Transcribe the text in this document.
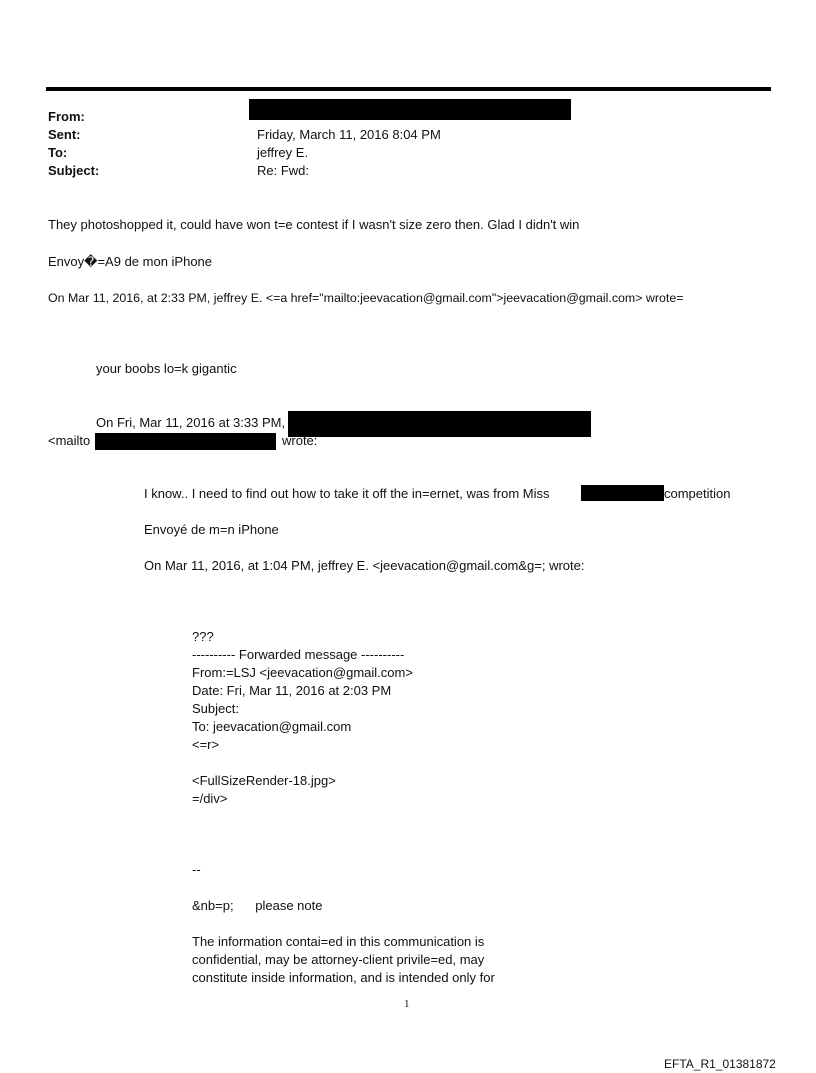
From:
Sent:	Friday, March 11, 2016 8:04 PM
To:	jeffrey E.
Subject:	Re: Fwd:
They photoshopped it, could have won t=e contest if I wasn't size zero then. Glad I didn't win
Envoy�=A9 de mon iPhone
On Mar 11, 2016, at 2:33 PM, jeffrey E. <=a href="mailto:jeevacation@gmail.com">jeevacation@gmail.com> wrote=
your boobs lo=k gigantic
On Fri, Mar 11, 2016 at 3:33 PM,
<mailto	wrote:
I know.. I need to find out how to take it off the in=ernet, was from Miss	competition
Envoyé de m=n iPhone
On Mar 11, 2016, at 1:04 PM, jeffrey E. <jeevacation@gmail.com&g=; wrote:
???
---------- Forwarded message ----------
From:=LSJ <jeevacation@gmail.com>
Date: Fri, Mar 11, 2016 at 2:03 PM
Subject:
To: jeevacation@gmail.com
<=r>
<FullSizeRender-18.jpg>
=/div>
--
&nb=p;      please note
The information contai=ed in this communication is
confidential, may be attorney-client privile=ed, may
constitute inside information, and is intended only for
1
EFTA_R1_01381872
